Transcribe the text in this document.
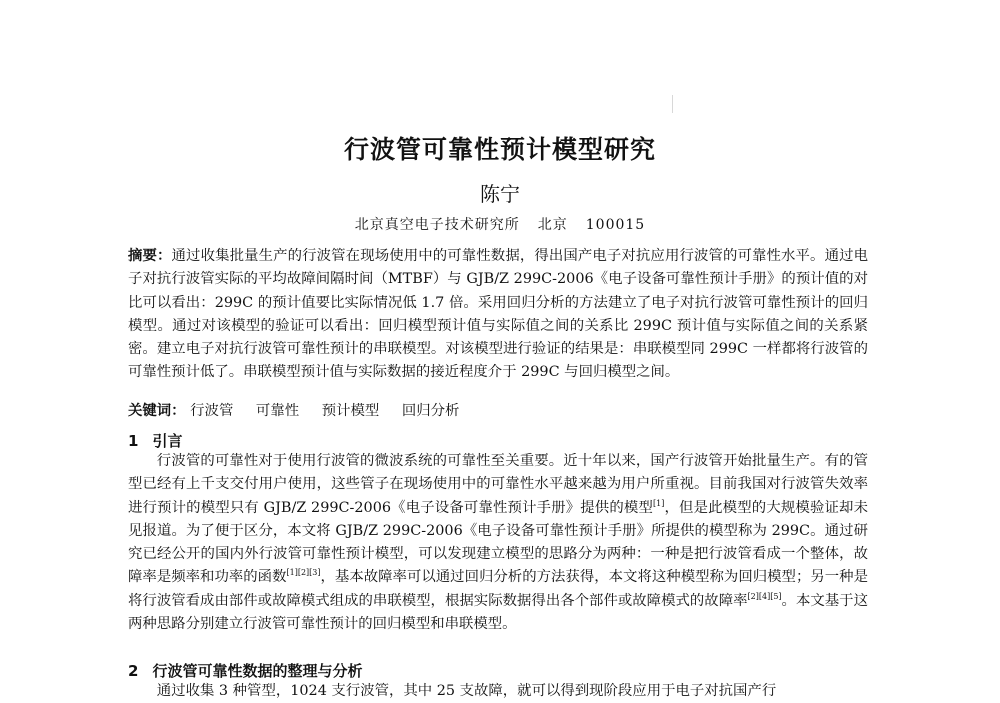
行波管可靠性预计模型研究
陈宁
北京真空电子技术研究所 北京 100015
摘要：通过收集批量生产的行波管在现场使用中的可靠性数据，得出国产电子对抗应用行波管的可靠性水平。通过电子对抗行波管实际的平均故障间隔时间（MTBF）与 GJB/Z 299C-2006《电子设备可靠性预计手册》的预计值的对比可以看出：299C 的预计值要比实际情况低 1.7 倍。采用回归分析的方法建立了电子对抗行波管可靠性预计的回归模型。通过对该模型的验证可以看出：回归模型预计值与实际值之间的关系比 299C 预计值与实际值之间的关系紧密。建立电子对抗行波管可靠性预计的串联模型。对该模型进行验证的结果是：串联模型同 299C 一样都将行波管的可靠性预计低了。串联模型预计值与实际数据的接近程度介于 299C 与回归模型之间。
关键词： 行波管 可靠性 预计模型 回归分析
1 引言
行波管的可靠性对于使用行波管的微波系统的可靠性至关重要。近十年以来，国产行波管开始批量生产。有的管型已经有上千支交付用户使用，这些管子在现场使用中的可靠性水平越来越为用户所重视。目前我国对行波管失效率进行预计的模型只有 GJB/Z 299C-2006《电子设备可靠性预计手册》提供的模型[1]，但是此模型的大规模验证却未见报道。为了便于区分，本文将 GJB/Z 299C-2006《电子设备可靠性预计手册》所提供的模型称为 299C。通过研究已经公开的国内外行波管可靠性预计模型，可以发现建立模型的思路分为两种：一种是把行波管看成一个整体，故障率是频率和功率的函数[1][2][3]，基本故障率可以通过回归分析的方法获得，本文将这种模型称为回归模型；另一种是将行波管看成由部件或故障模式组成的串联模型，根据实际数据得出各个部件或故障模式的故障率[2][4][5]。本文基于这两种思路分别建立行波管可靠性预计的回归模型和串联模型。
2 行波管可靠性数据的整理与分析
通过收集 3 种管型，1024 支行波管，其中 25 支故障，就可以得到现阶段应用于电子对抗国产行
